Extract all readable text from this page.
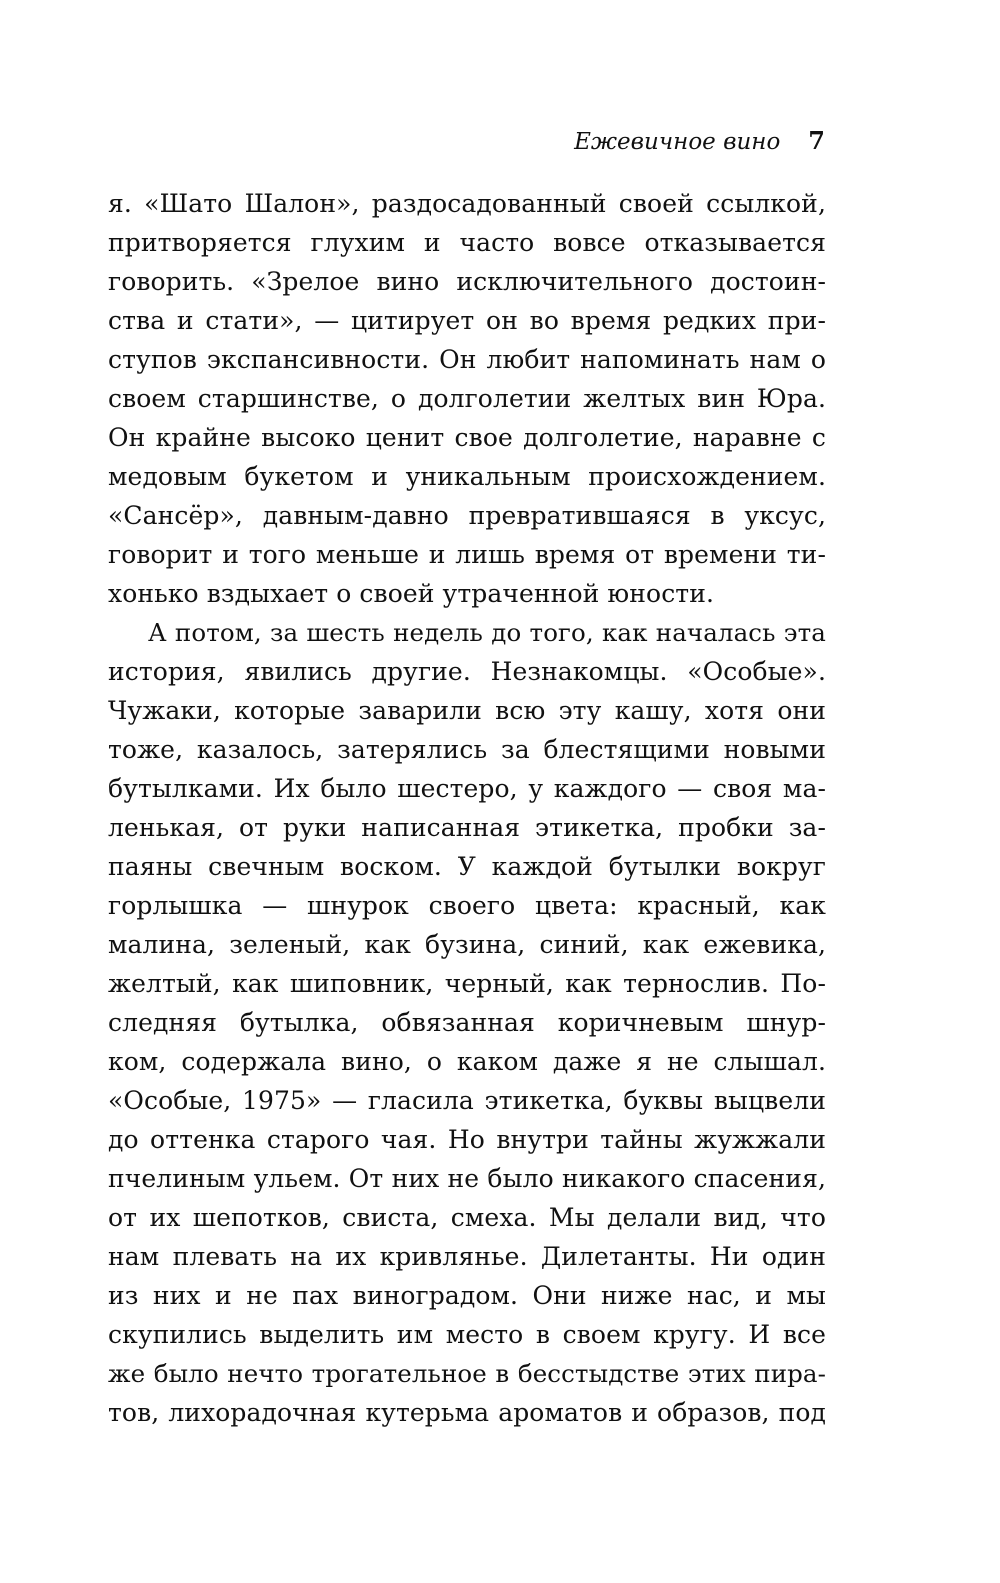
Ежевичное вино 7
я. «Шато Шалон», раздосадованный своей ссылкой,
притворяется глухим и часто вовсе отказывается
говорить. «Зрелое вино исключительного достоин-
ства и стати», — цитирует он во время редких при-
ступов экспансивности. Он любит напоминать нам о
своем старшинстве, о долголетии желтых вин Юра.
Он крайне высоко ценит свое долголетие, наравне с
медовым букетом и уникальным происхождением.
«Сансёр», давным-давно превратившаяся в уксус,
говорит и того меньше и лишь время от времени ти-
хонько вздыхает о своей утраченной юности.
А потом, за шесть недель до того, как началась эта
история, явились другие. Незнакомцы. «Особые».
Чужаки, которые заварили всю эту кашу, хотя они
тоже, казалось, затерялись за блестящими новыми
бутылками. Их было шестеро, у каждого — своя ма-
ленькая, от руки написанная этикетка, пробки за-
паяны свечным воском. У каждой бутылки вокруг
горлышка — шнурок своего цвета: красный, как
малина, зеленый, как бузина, синий, как ежевика,
желтый, как шиповник, черный, как тернослив. По-
следняя бутылка, обвязанная коричневым шнур-
ком, содержала вино, о каком даже я не слышал.
«Особые, 1975» — гласила этикетка, буквы выцвели
до оттенка старого чая. Но внутри тайны жужжали
пчелиным ульем. От них не было никакого спасения,
от их шепотков, свиста, смеха. Мы делали вид, что
нам плевать на их кривлянье. Дилетанты. Ни один
из них и не пах виноградом. Они ниже нас, и мы
скупились выделить им место в своем кругу. И все
же было нечто трогательное в бесстыдстве этих пира-
тов, лихорадочная кутерьма ароматов и образов, под
